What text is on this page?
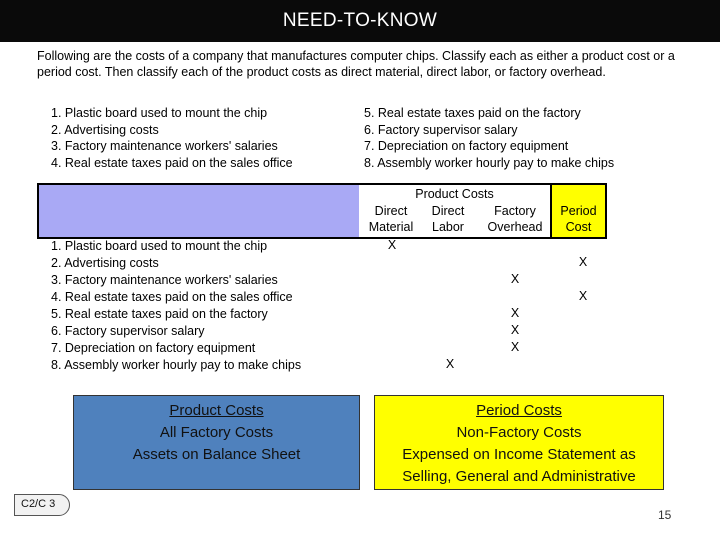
NEED-TO-KNOW
Following are the costs of a company that manufactures computer chips. Classify each as either a product cost or a period cost. Then classify each of the product costs as direct material, direct labor, or factory overhead.
1. Plastic board used to mount the chip
2. Advertising costs
3. Factory maintenance workers' salaries
4. Real estate taxes paid on the sales office
5. Real estate taxes paid on the factory
6. Factory supervisor salary
7. Depreciation on factory equipment
8. Assembly worker hourly pay to make chips
Product Costs
Direct
Material
Direct
Labor
Factory
Overhead
Period
Cost
1. Plastic board used to mount the chip
2. Advertising costs
3. Factory maintenance workers' salaries
4. Real estate taxes paid on the sales office
5. Real estate taxes paid on the factory
6. Factory supervisor salary
7. Depreciation on factory equipment
8. Assembly worker hourly pay to make chips
X
X
X
X
X
X
X
X
Product Costs
All Factory Costs
Assets on Balance Sheet
Period Costs
Non-Factory Costs
Expensed on Income Statement as
Selling, General and Administrative
C2/C 3
15
